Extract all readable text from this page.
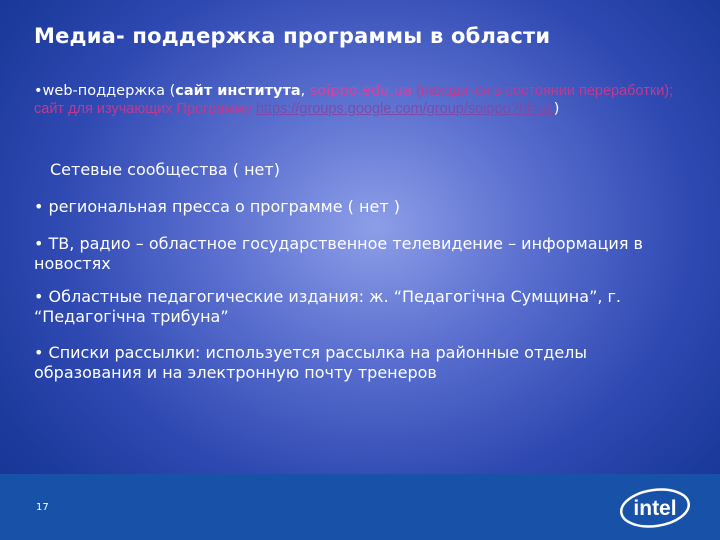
Медиа- поддержка программы в области
•web-поддержка (сайт института, soippo.edu.ua (находится в состоянии переработки); сайт для изучающих Программу https://groups.google.com/group/soippo?hl=uk)
Сетевые сообщества ( нет)
• региональная пресса о программе ( нет )
• ТВ, радио – областное государственное телевидение – информация в новостях
• Областные педагогические издания: ж. “Педагогічна Сумщина”, г. “Педагогічна трибуна”
• Списки рассылки: используется рассылка на районные отделы образования и на электронную почту тренеров
17	intel
